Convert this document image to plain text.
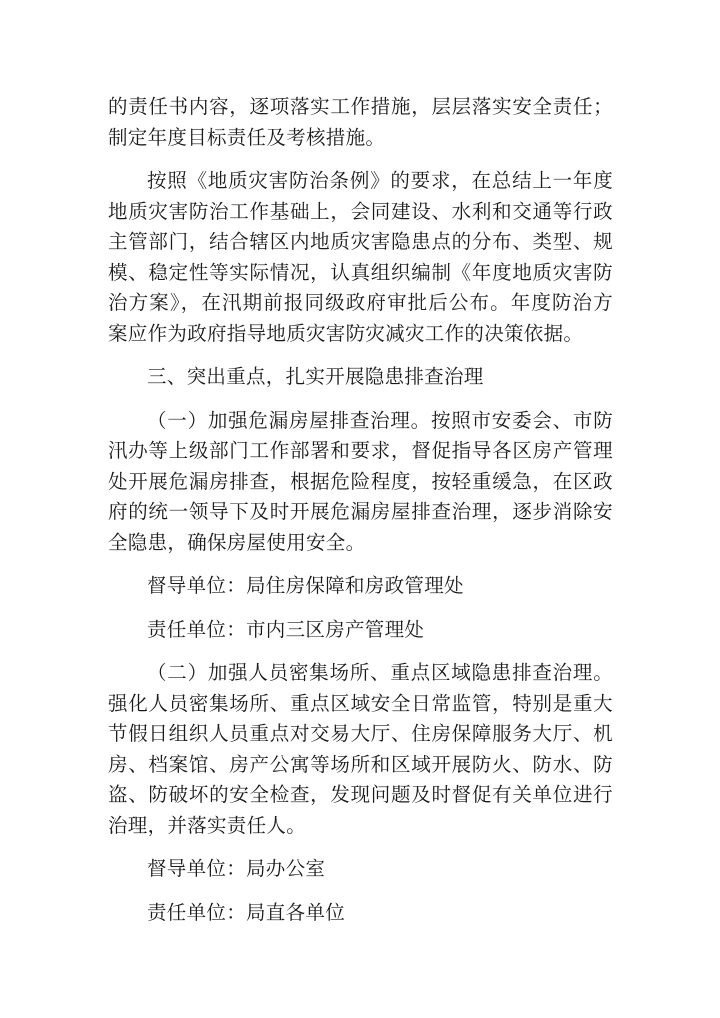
的责任书内容，逐项落实工作措施，层层落实安全责任；制定年度目标责任及考核措施。

按照《地质灾害防治条例》的要求，在总结上一年度地质灾害防治工作基础上，会同建设、水利和交通等行政主管部门，结合辖区内地质灾害隐患点的分布、类型、规模、稳定性等实际情况，认真组织编制《年度地质灾害防治方案》，在汛期前报同级政府审批后公布。年度防治方案应作为政府指导地质灾害防灾减灾工作的决策依据。

三、突出重点，扎实开展隐患排查治理

（一）加强危漏房屋排查治理。按照市安委会、市防汛办等上级部门工作部署和要求，督促指导各区房产管理处开展危漏房排查，根据危险程度，按轻重缓急，在区政府的统一领导下及时开展危漏房屋排查治理，逐步消除安全隐患，确保房屋使用安全。

督导单位：局住房保障和房政管理处

责任单位：市内三区房产管理处

（二）加强人员密集场所、重点区域隐患排查治理。强化人员密集场所、重点区域安全日常监管，特别是重大节假日组织人员重点对交易大厅、住房保障服务大厅、机房、档案馆、房产公寓等场所和区域开展防火、防水、防盗、防破坏的安全检查，发现问题及时督促有关单位进行治理，并落实责任人。

督导单位：局办公室

责任单位：局直各单位
